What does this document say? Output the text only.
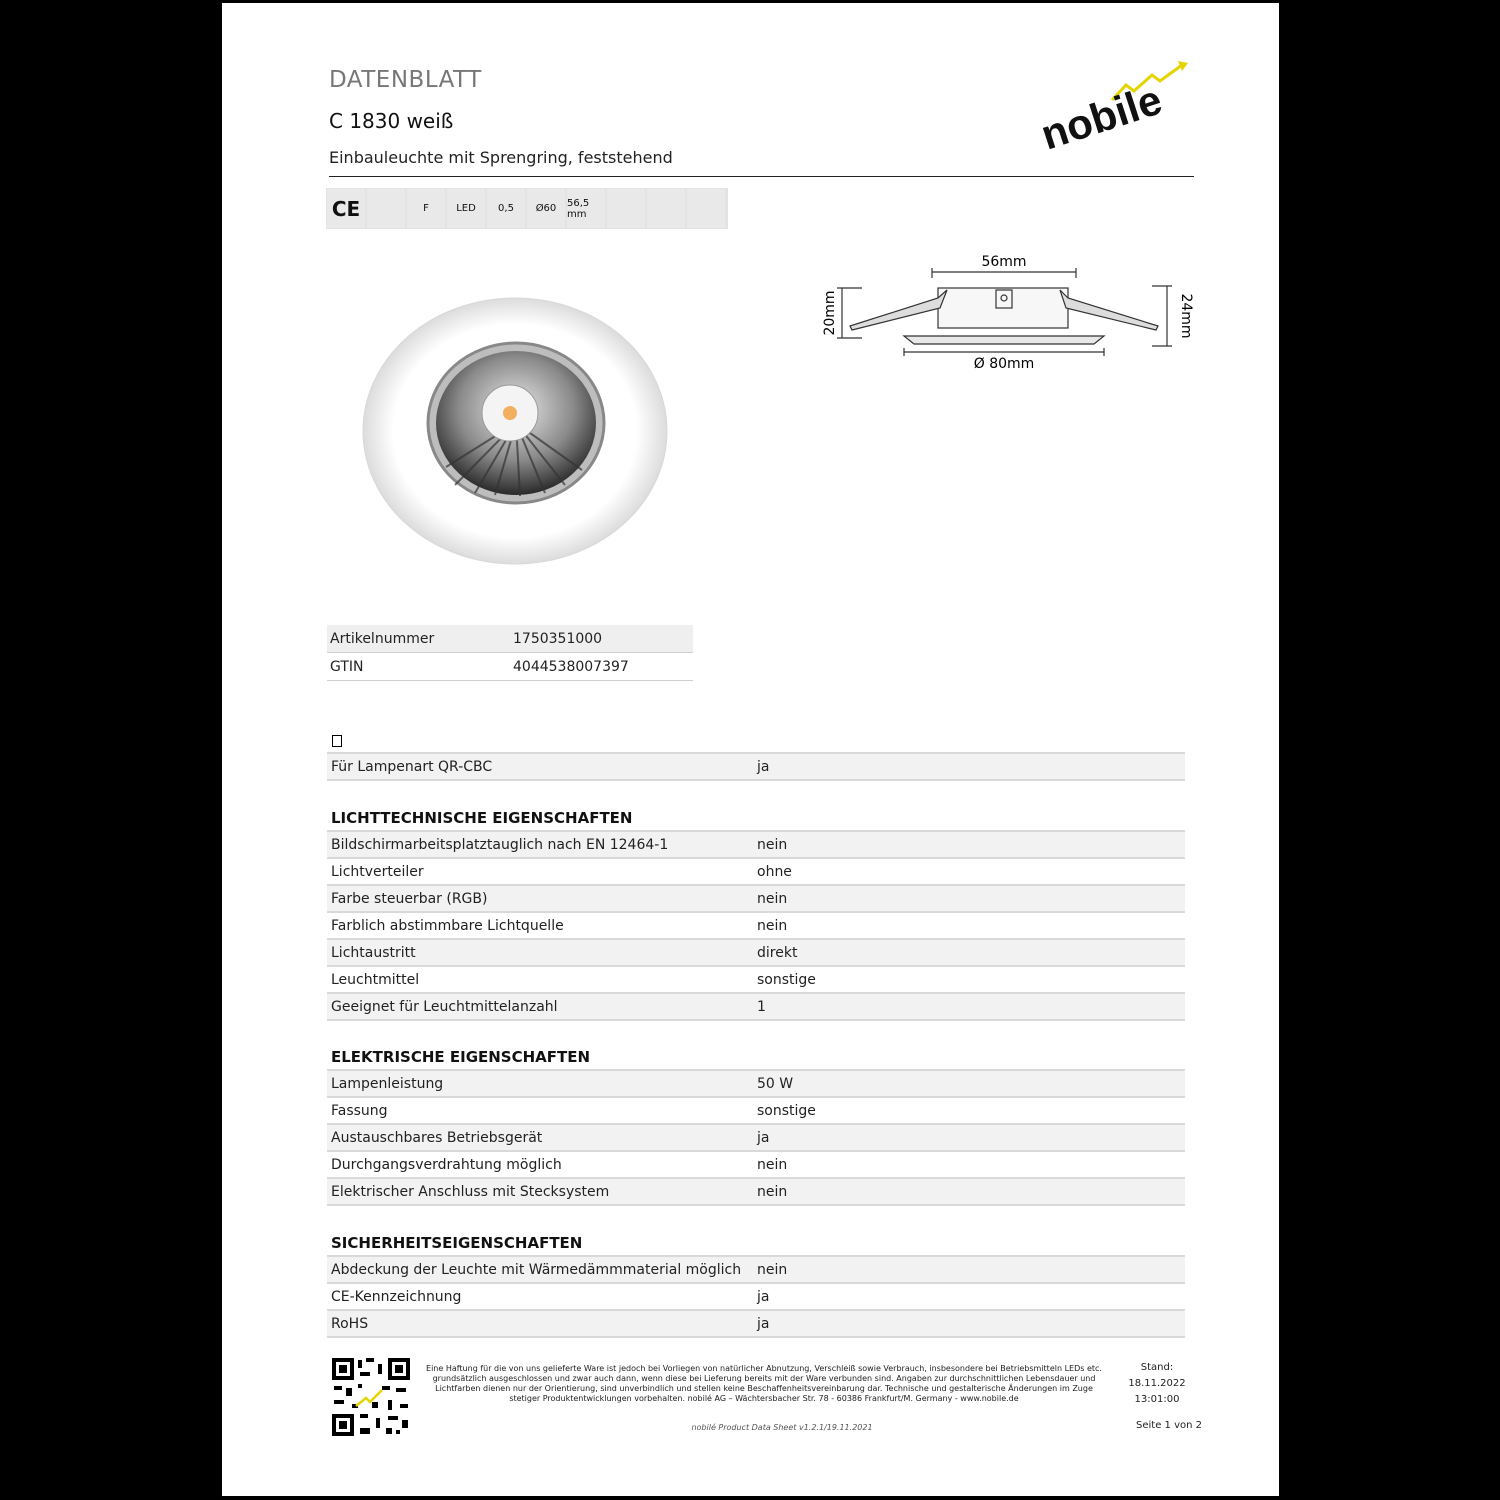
DATENBLATT
C 1830 weiß
Einbauleuchte mit Sprengring, feststehend	nobile
CE	F	LED	0,5	Ø60	56,5 mm
56mm
20mm	24mm
Ø 80mm
Artikelnummer	1750351000
GTIN	4044538007397
Für Lampenart QR-CBC	ja
LICHTTECHNISCHE EIGENSCHAFTEN
Bildschirmarbeitsplatztauglich nach EN 12464-1	nein
Lichtverteiler	ohne
Farbe steuerbar (RGB)	nein
Farblich abstimmbare Lichtquelle	nein
Lichtaustritt	direkt
Leuchtmittel	sonstige
Geeignet für Leuchtmittelanzahl	1
ELEKTRISCHE EIGENSCHAFTEN
Lampenleistung	50 W
Fassung	sonstige
Austauschbares Betriebsgerät	ja
Durchgangsverdrahtung möglich	nein
Elektrischer Anschluss mit Stecksystem	nein
SICHERHEITSEIGENSCHAFTEN
Abdeckung der Leuchte mit Wärmedämmmaterial möglich	nein
CE-Kennzeichnung	ja
RoHS	ja
Eine Haftung für die von uns gelieferte Ware ist jedoch bei Vorliegen von natürlicher Abnutzung, Verschleiß sowie Verbrauch, insbesondere bei Betriebsmitteln LEDs etc. grundsätzlich ausgeschlossen und zwar auch dann, wenn diese bei Lieferung bereits mit der Ware verbunden sind. Angaben zur durchschnittlichen Lebensdauer und Lichtfarben dienen nur der Orientierung, sind unverbindlich und stellen keine Beschaffenheitsvereinbarung dar. Technische und gestalterische Änderungen im Zuge stetiger Produktentwicklungen vorbehalten. nobilé AG – Wächtersbacher Str. 78 - 60386 Frankfurt/M. Germany - www.nobile.de
Stand:
18.11.2022
13:01:00
nobilé Product Data Sheet v1.2.1/19.11.2021	Seite 1 von 2
